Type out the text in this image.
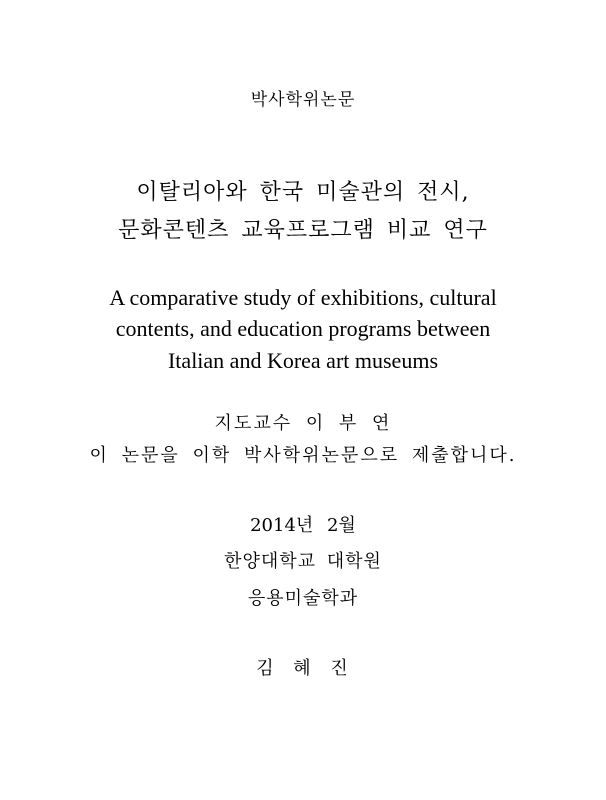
박사학위논문
이탈리아와 한국 미술관의 전시,
문화콘텐츠 교육프로그램 비교 연구
A comparative study of exhibitions, cultural
contents, and education programs between
Italian and Korea art museums
지도교수 이 부 연
이 논문을 이학 박사학위논문으로 제출합니다.
2014년 2월
한양대학교 대학원
응용미술학과
김 혜 진
